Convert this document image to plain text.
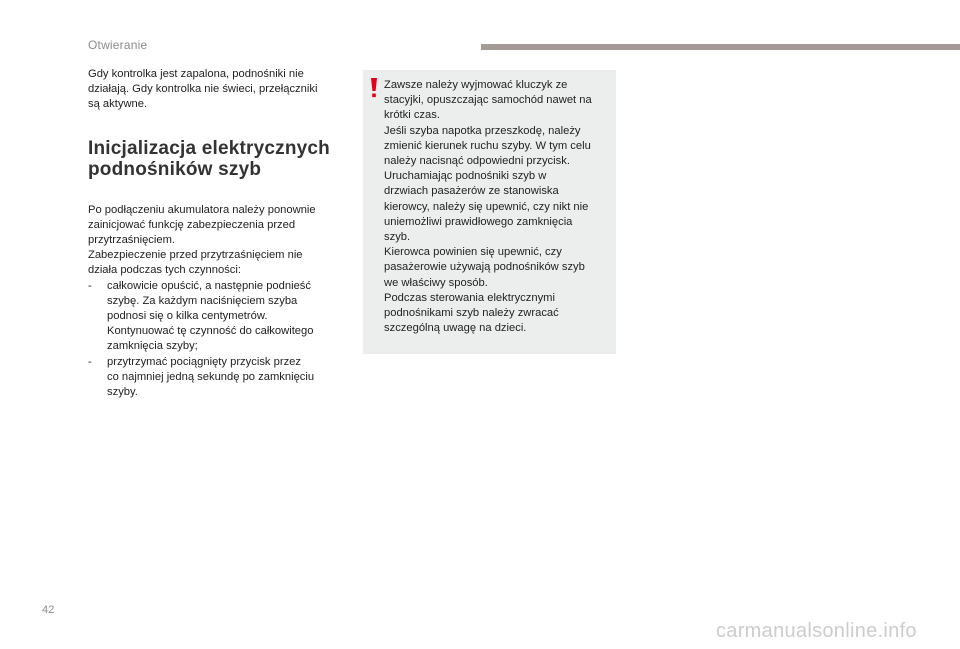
Otwieranie

Gdy kontrolka jest zapalona, podnośniki nie
działają. Gdy kontrolka nie świeci, przełączniki
są aktywne.

Inicjalizacja elektrycznych
podnośników szyb

Po podłączeniu akumulatora należy ponownie
zainicjować funkcję zabezpieczenia przed
przytrzaśnięciem.
Zabezpieczenie przed przytrzaśnięciem nie
działa podczas tych czynności:

- całkowicie opuścić, a następnie podnieść
szybę. Za każdym naciśnięciem szyba
podnosi się o kilka centymetrów.
Kontynuować tę czynność do całkowitego
zamknięcia szyby;
- przytrzymać pociągnięty przycisk przez
co najmniej jedną sekundę po zamknięciu
szyby.

Zawsze należy wyjmować kluczyk ze
stacyjki, opuszczając samochód nawet na
krótki czas.
Jeśli szyba napotka przeszkodę, należy
zmienić kierunek ruchu szyby. W tym celu
należy nacisnąć odpowiedni przycisk.
Uruchamiając podnośniki szyb w
drzwiach pasażerów ze stanowiska
kierowcy, należy się upewnić, czy nikt nie
uniemożliwi prawidłowego zamknięcia
szyb.
Kierowca powinien się upewnić, czy
pasażerowie używają podnośników szyb
we właściwy sposób.
Podczas sterowania elektrycznymi
podnośnikami szyb należy zwracać
szczególną uwagę na dzieci.

42
carmanualsonline.info
